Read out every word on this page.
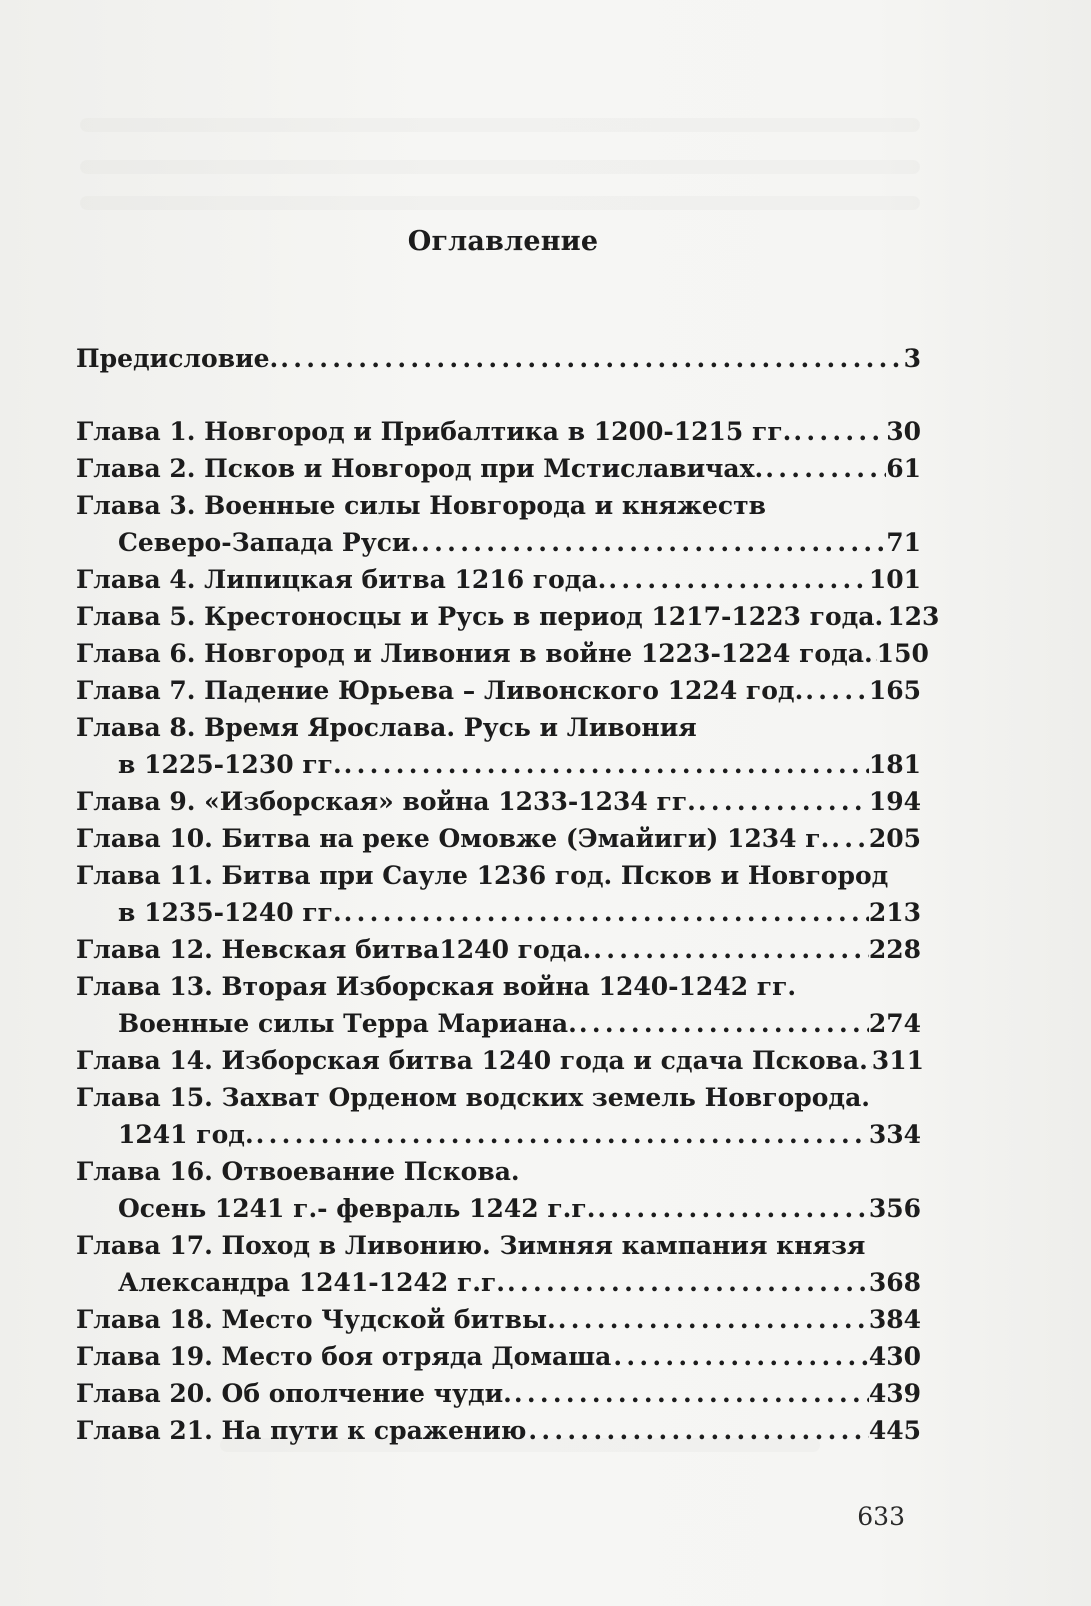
Оглавление
Предисловие. . . .	3
Глава 1. Новгород и Прибалтика в 1200-1215 гг. . . .	30
Глава 2. Псков и Новгород при Мстиславичах. . . .	61
Глава 3. Военные силы Новгорода и княжеств
Северо-Запада Руси. . . .	71
Глава 4. Липицкая битва 1216 года. . . .	101
Глава 5. Крестоносцы и Русь в период 1217-1223 года. . . . 123
Глава 6. Новгород и Ливония в войне 1223-1224 года. . . . 150
Глава 7. Падение Юрьева – Ливонского 1224 год. . . .	165
Глава 8. Время Ярослава. Русь и Ливония
в 1225-1230 гг. . . .	181
Глава 9. «Изборская» война 1233-1234 гг. . . .	194
Глава 10. Битва на реке Омовже (Эмайиги) 1234 г. . . . 205
Глава 11. Битва при Сауле 1236 год. Псков и Новгород
в 1235-1240 гг. . . .	213
Глава 12. Невская битва1240 года. . . .	228
Глава 13. Вторая Изборская война 1240-1242 гг.
Военные силы Терра Мариана. . . .	274
Глава 14. Изборская битва 1240 года и сдача Пскова. . . . 311
Глава 15. Захват Орденом водских земель Новгорода.
1241 год. . . .	334
Глава 16. Отвоевание Пскова.
Осень 1241 г.- февраль 1242 г.г. . . .	356
Глава 17. Поход в Ливонию. Зимняя кампания князя
Александра 1241-1242 г.г. . . .	368
Глава 18. Место Чудской битвы. . . .	384
Глава 19. Место боя отряда Домаша . . .	430
Глава 20. Об ополчение чуди. . . .	439
Глава 21. На пути к сражению . . .	445
633
